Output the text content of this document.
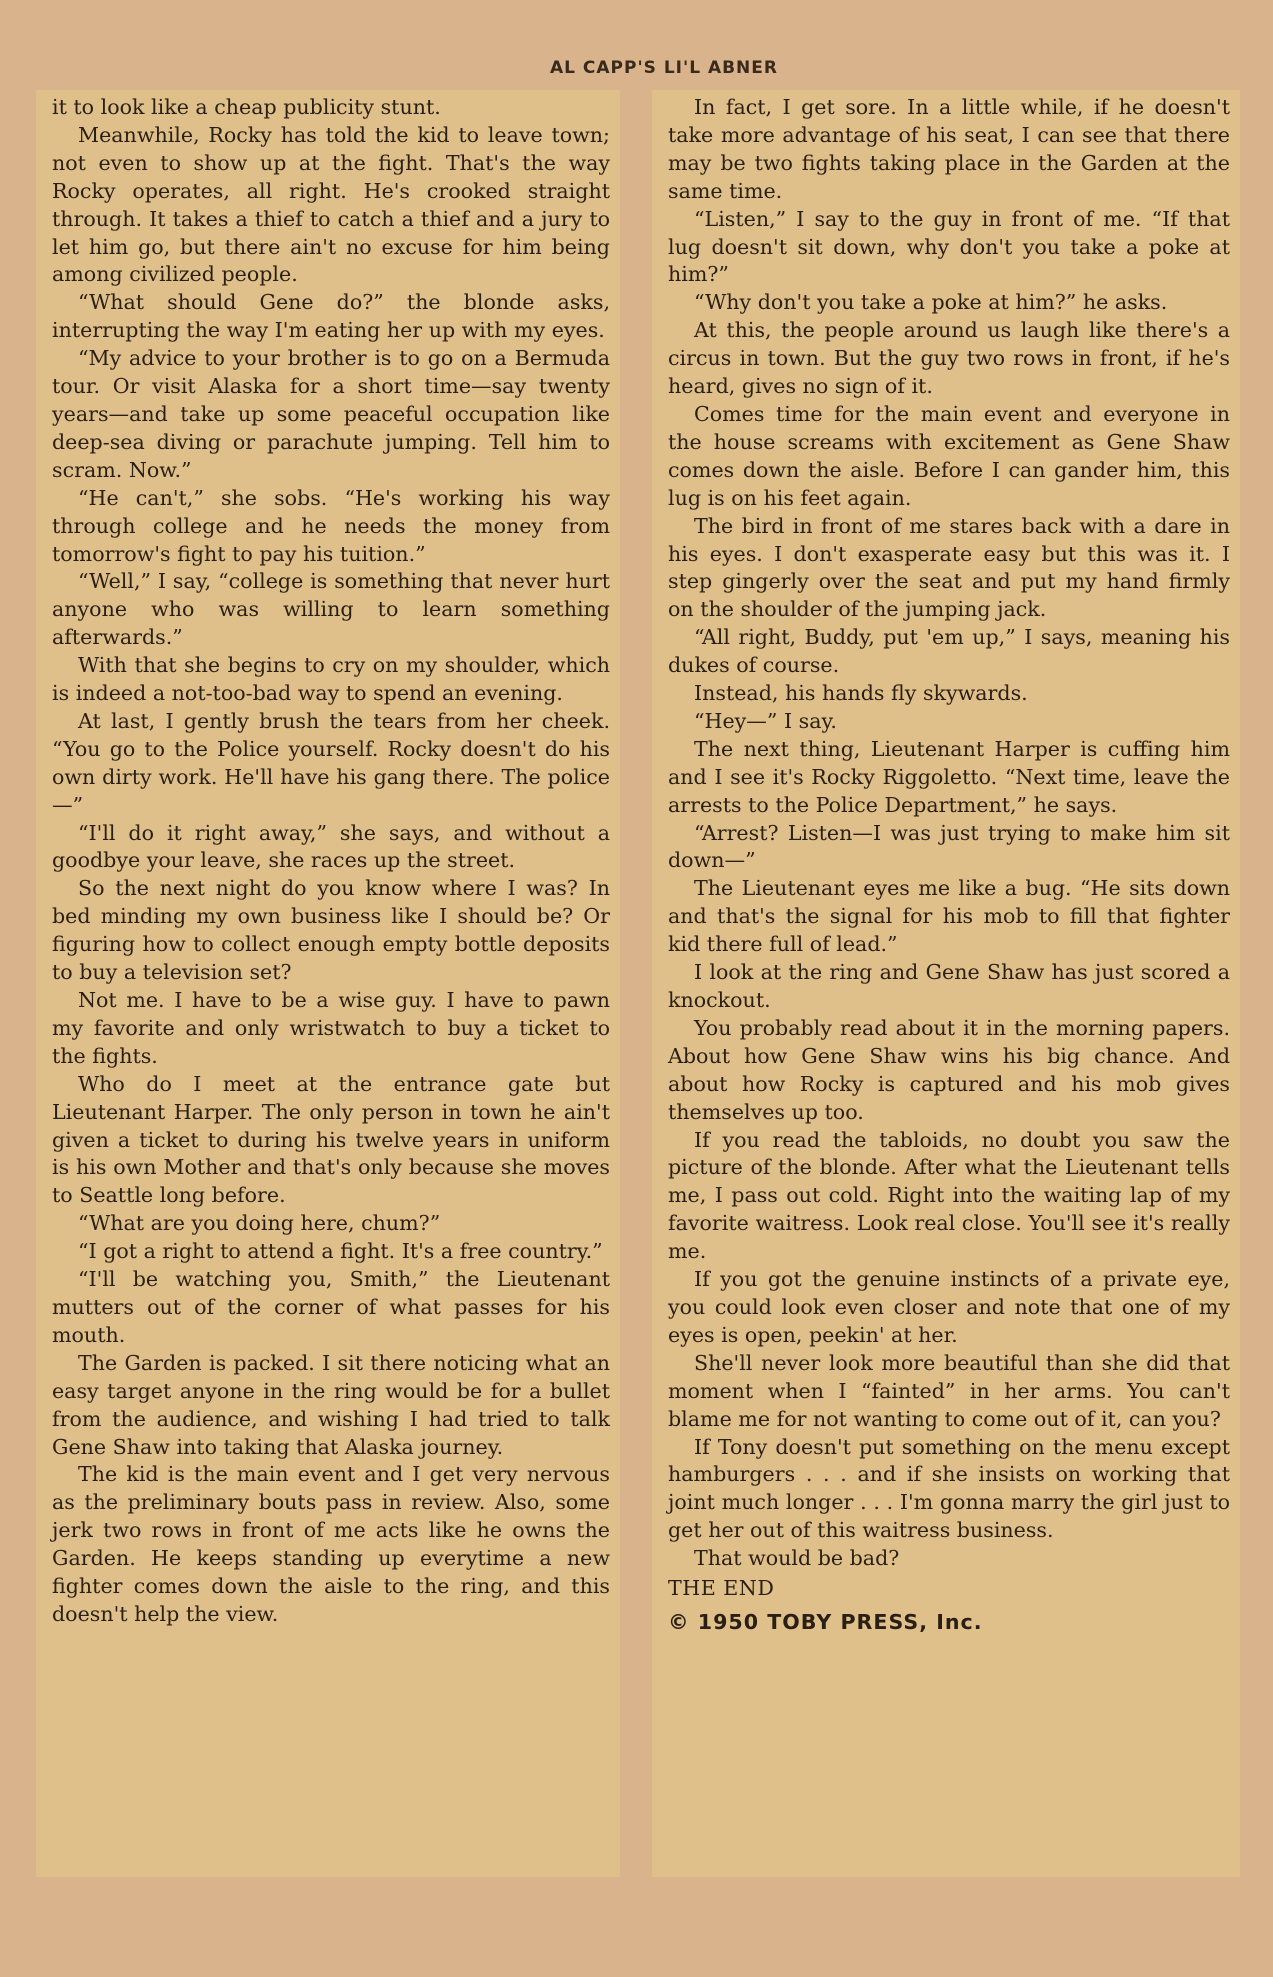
AL CAPP'S LI'L ABNER

it to look like a cheap publicity stunt.

Meanwhile, Rocky has told the kid to leave town; not even to show up at the fight. That's the way Rocky operates, all right. He's crooked straight through. It takes a thief to catch a thief and a jury to let him go, but there ain't no excuse for him being among civilized people.

“What should Gene do?” the blonde asks, interrupting the way I'm eating her up with my eyes.

“My advice to your brother is to go on a Bermuda tour. Or visit Alaska for a short time—say twenty years—and take up some peaceful occupation like deep-sea diving or parachute jumping. Tell him to scram. Now.”

“He can't,” she sobs. “He's working his way through college and he needs the money from tomorrow's fight to pay his tuition.”

“Well,” I say, “college is something that never hurt anyone who was willing to learn something afterwards.”

With that she begins to cry on my shoulder, which is indeed a not-too-bad way to spend an evening.

At last, I gently brush the tears from her cheek. “You go to the Police yourself. Rocky doesn't do his own dirty work. He'll have his gang there. The police—”

“I'll do it right away,” she says, and without a goodbye your leave, she races up the street.

So the next night do you know where I was? In bed minding my own business like I should be? Or figuring how to collect enough empty bottle deposits to buy a television set?

Not me. I have to be a wise guy. I have to pawn my favorite and only wristwatch to buy a ticket to the fights.

Who do I meet at the entrance gate but Lieutenant Harper. The only person in town he ain't given a ticket to during his twelve years in uniform is his own Mother and that's only because she moves to Seattle long before.

“What are you doing here, chum?”

“I got a right to attend a fight. It's a free country.”

“I'll be watching you, Smith,” the Lieutenant mutters out of the corner of what passes for his mouth.

The Garden is packed. I sit there noticing what an easy target anyone in the ring would be for a bullet from the audience, and wishing I had tried to talk Gene Shaw into taking that Alaska journey.

The kid is the main event and I get very nervous as the preliminary bouts pass in review. Also, some jerk two rows in front of me acts like he owns the Garden. He keeps standing up everytime a new fighter comes down the aisle to the ring, and this doesn't help the view.

In fact, I get sore. In a little while, if he doesn't take more advantage of his seat, I can see that there may be two fights taking place in the Garden at the same time.

“Listen,” I say to the guy in front of me. “If that lug doesn't sit down, why don't you take a poke at him?”

“Why don't you take a poke at him?” he asks.

At this, the people around us laugh like there's a circus in town. But the guy two rows in front, if he's heard, gives no sign of it.

Comes time for the main event and everyone in the house screams with excitement as Gene Shaw comes down the aisle. Before I can gander him, this lug is on his feet again.

The bird in front of me stares back with a dare in his eyes. I don't exasperate easy but this was it. I step gingerly over the seat and put my hand firmly on the shoulder of the jumping jack.

“All right, Buddy, put 'em up,” I says, meaning his dukes of course.

Instead, his hands fly skywards.

“Hey—” I say.

The next thing, Lieutenant Harper is cuffing him and I see it's Rocky Riggoletto. “Next time, leave the arrests to the Police Department,” he says.

“Arrest? Listen—I was just trying to make him sit down—”

The Lieutenant eyes me like a bug. “He sits down and that's the signal for his mob to fill that fighter kid there full of lead.”

I look at the ring and Gene Shaw has just scored a knockout.

You probably read about it in the morning papers. About how Gene Shaw wins his big chance. And about how Rocky is captured and his mob gives themselves up too.

If you read the tabloids, no doubt you saw the picture of the blonde. After what the Lieutenant tells me, I pass out cold. Right into the waiting lap of my favorite waitress. Look real close. You'll see it's really me.

If you got the genuine instincts of a private eye, you could look even closer and note that one of my eyes is open, peekin' at her.

She'll never look more beautiful than she did that moment when I “fainted” in her arms. You can't blame me for not wanting to come out of it, can you?

If Tony doesn't put something on the menu except hamburgers . . . and if she insists on working that joint much longer . . . I'm gonna marry the girl just to get her out of this waitress business.

That would be bad?

THE END

© 1950 TOBY PRESS, Inc.
